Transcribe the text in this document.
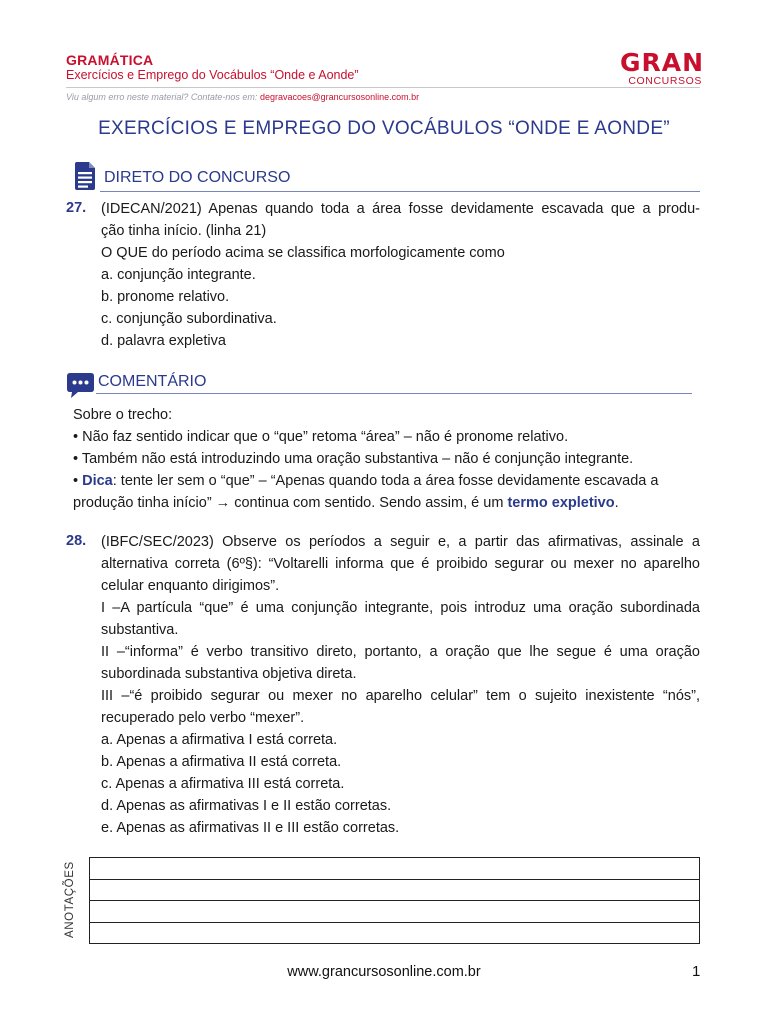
GRAMÁTICA
Exercícios e Emprego do Vocábulos “Onde e Aonde”	GRAN
CONCURSOS
Viu algum erro neste material? Contate-nos em: degravacoes@grancursosonline.com.br
EXERCÍCIOS E EMPREGO DO VOCÁBULOS “ONDE E AONDE”
DIRETO DO CONCURSO
27. (IDECAN/2021) Apenas quando toda a área fosse devidamente escavada que a produ-
ção tinha início. (linha 21)
O QUE do período acima se classifica morfologicamente como
a. conjunção integrante.
b. pronome relativo.
c. conjunção subordinativa.
d. palavra expletiva
COMENTÁRIO
Sobre o trecho:
• Não faz sentido indicar que o “que” retoma “área” – não é pronome relativo.
• Também não está introduzindo uma oração substantiva – não é conjunção integrante.
• Dica: tente ler sem o “que” – “Apenas quando toda a área fosse devidamente escavada a
produção tinha início” → continua com sentido. Sendo assim, é um termo expletivo.
28. (IBFC/SEC/2023) Observe os períodos a seguir e, a partir das afirmativas, assinale a
alternativa correta (6º§): “Voltarelli informa que é proibido segurar ou mexer no aparelho
celular enquanto dirigimos”.
I –A partícula “que” é uma conjunção integrante, pois introduz uma oração subordinada
substantiva.
II –“informa” é verbo transitivo direto, portanto, a oração que lhe segue é uma oração
subordinada substantiva objetiva direta.
III –“é proibido segurar ou mexer no aparelho celular” tem o sujeito inexistente “nós”,
recuperado pelo verbo “mexer”.
a. Apenas a afirmativa I está correta.
b. Apenas a afirmativa II está correta.
c. Apenas a afirmativa III está correta.
d. Apenas as afirmativas I e II estão corretas.
e. Apenas as afirmativas II e III estão corretas.
ANOTAÇÕES
www.grancursosonline.com.br	1
